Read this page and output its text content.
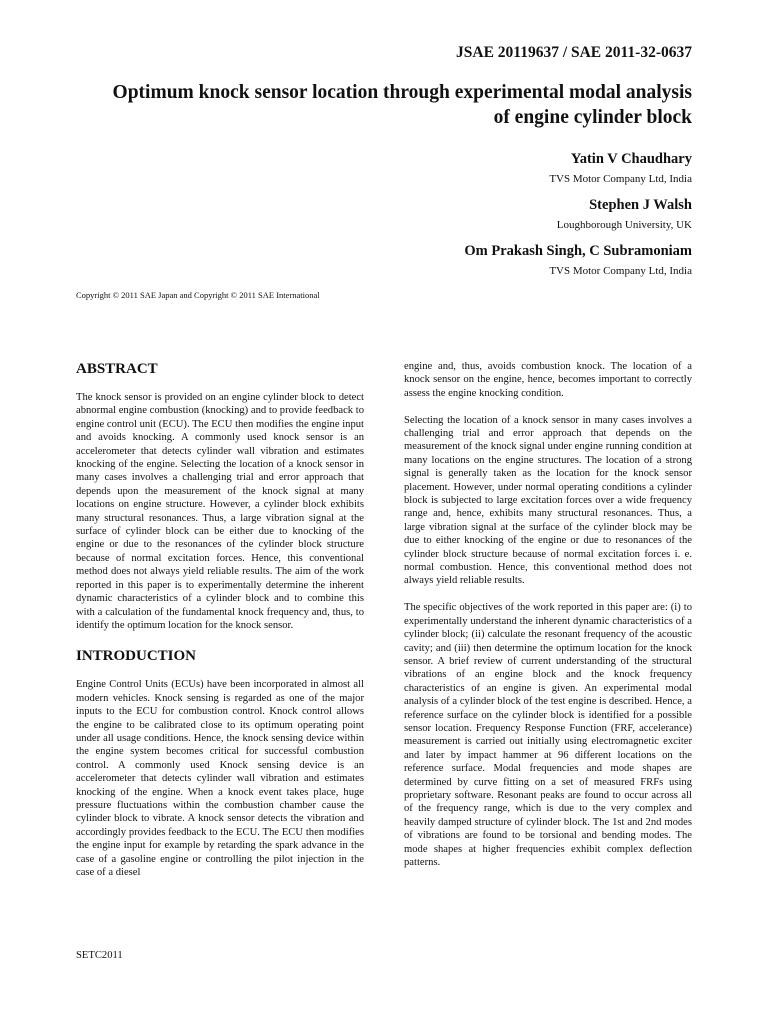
JSAE 20119637 / SAE 2011-32-0637
Optimum knock sensor location through experimental modal analysis of engine cylinder block
Yatin V Chaudhary
TVS Motor Company Ltd, India
Stephen J Walsh
Loughborough University, UK
Om Prakash Singh, C Subramoniam
TVS Motor Company Ltd, India
Copyright © 2011 SAE Japan and Copyright © 2011 SAE International
ABSTRACT

The knock sensor is provided on an engine cylinder block to detect abnormal engine combustion (knocking) and to provide feedback to engine control unit (ECU). The ECU then modifies the engine input and avoids knocking. A commonly used knock sensor is an accelerometer that detects cylinder wall vibration and estimates knocking of the engine. Selecting the location of a knock sensor in many cases involves a challenging trial and error approach that depends upon the measurement of the knock signal at many locations on engine structure. However, a cylinder block exhibits many structural resonances. Thus, a large vibration signal at the surface of cylinder block can be either due to knocking of the engine or due to the resonances of the cylinder block structure because of normal excitation forces. Hence, this conventional method does not always yield reliable results. The aim of the work reported in this paper is to experimentally determine the inherent dynamic characteristics of a cylinder block and to combine this with a calculation of the fundamental knock frequency and, thus, to identify the optimum location for the knock sensor.

INTRODUCTION

Engine Control Units (ECUs) have been incorporated in almost all modern vehicles. Knock sensing is regarded as one of the major inputs to the ECU for combustion control. Knock control allows the engine to be calibrated close to its optimum operating point under all usage conditions. Hence, the knock sensing device within the engine system becomes critical for successful combustion control. A commonly used Knock sensing device is an accelerometer that detects cylinder wall vibration and estimates knocking of the engine. When a knock event takes place, huge pressure fluctuations within the combustion chamber cause the cylinder block to vibrate. A knock sensor detects the vibration and accordingly provides feedback to the ECU. The ECU then modifies the engine input for example by retarding the spark advance in the case of a gasoline engine or controlling the pilot injection in the case of a diesel

engine and, thus, avoids combustion knock. The location of a knock sensor on the engine, hence, becomes important to correctly assess the engine knocking condition.

Selecting the location of a knock sensor in many cases involves a challenging trial and error approach that depends on the measurement of the knock signal under engine running condition at many locations on the engine structures. The location of a strong signal is generally taken as the location for the knock sensor placement. However, under normal operating conditions a cylinder block is subjected to large excitation forces over a wide frequency range and, hence, exhibits many structural resonances. Thus, a large vibration signal at the surface of the cylinder block may be due to either knocking of the engine or due to resonances of the cylinder block structure because of normal excitation forces i. e. normal combustion. Hence, this conventional method does not always yield reliable results.

The specific objectives of the work reported in this paper are: (i) to experimentally understand the inherent dynamic characteristics of a cylinder block; (ii) calculate the resonant frequency of the acoustic cavity; and (iii) then determine the optimum location for the knock sensor. A brief review of current understanding of the structural vibrations of an engine block and the knock frequency characteristics of an engine is given. An experimental modal analysis of a cylinder block of the test engine is described. Hence, a reference surface on the cylinder block is identified for a possible sensor location. Frequency Response Function (FRF, accelerance) measurement is carried out initially using electromagnetic exciter and later by impact hammer at 96 different locations on the reference surface. Modal frequencies and mode shapes are determined by curve fitting on a set of measured FRFs using proprietary software. Resonant peaks are found to occur across all of the frequency range, which is due to the very complex and heavily damped structure of cylinder block. The 1st and 2nd modes of vibrations are found to be torsional and bending modes. The mode shapes at higher frequencies exhibit complex deflection patterns.

SETC2011
